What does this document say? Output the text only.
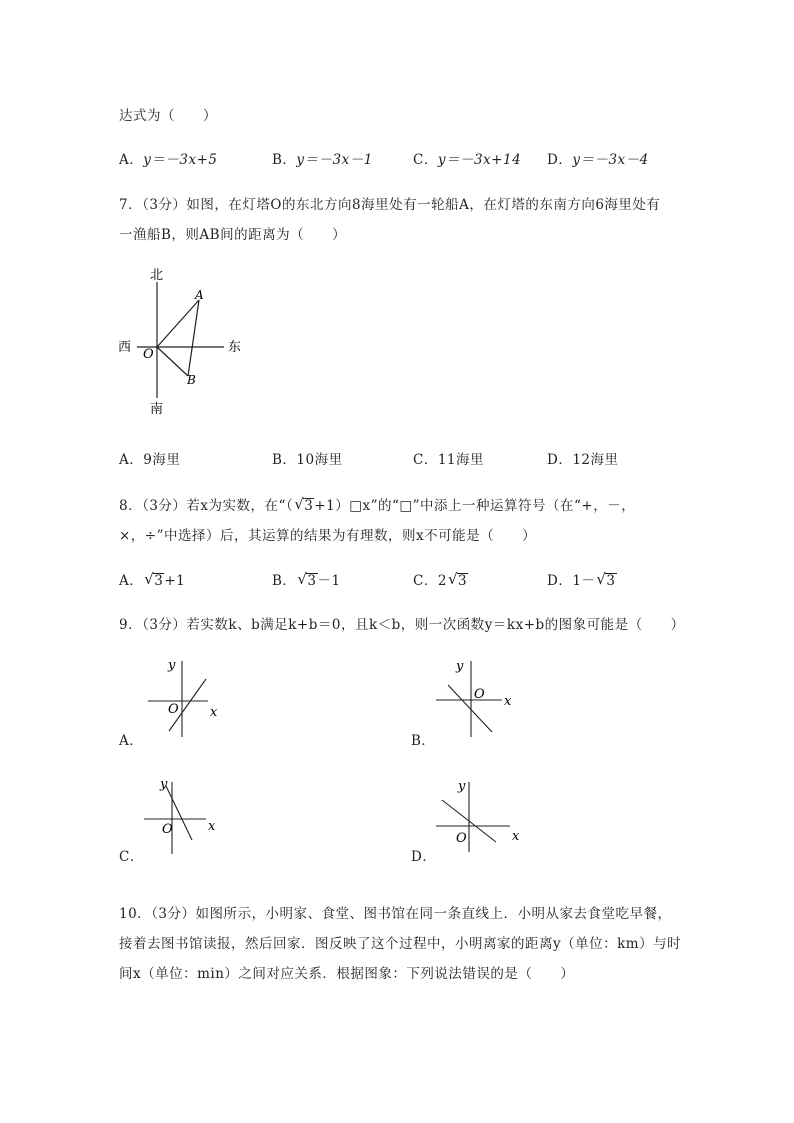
达式为（　　）
A．y＝－3x+5	B．y＝－3x－1	C．y＝－3x+14 D．y＝－3x－4
7．（3分）如图，在灯塔O的东北方向8海里处有一轮船A，在灯塔的东南方向6海里处有
一渔船B，则AB间的距离为（　　）
北
南
东
西 O
A
B
A．9海里	B．10海里	C．11海里	D．12海里
8．（3分）若x为实数，在“（ √ 3+1）□x”的“□”中添上一种运算符号（在“+，－，
×，÷”中选择）后，其运算的结果为有理数，则x不可能是（　　）
A． √ 3+1	B． √ 3－1	C．2 √ 3	D．1－ √ 3
9．（3分）若实数k、b满足k+b＝0，且k＜b，则一次函数y＝kx+b的图象可能是（　　）
A．
x
y
O
B．
x
y
O
C．
x
y
O
D．
x
y
O
10．（3分）如图所示，小明家、食堂、图书馆在同一条直线上．小明从家去食堂吃早餐，
接着去图书馆读报，然后回家．图反映了这个过程中，小明离家的距离y（单位：km）与时
间x（单位：min）之间对应关系．根据图象：下列说法错误的是（　　）
